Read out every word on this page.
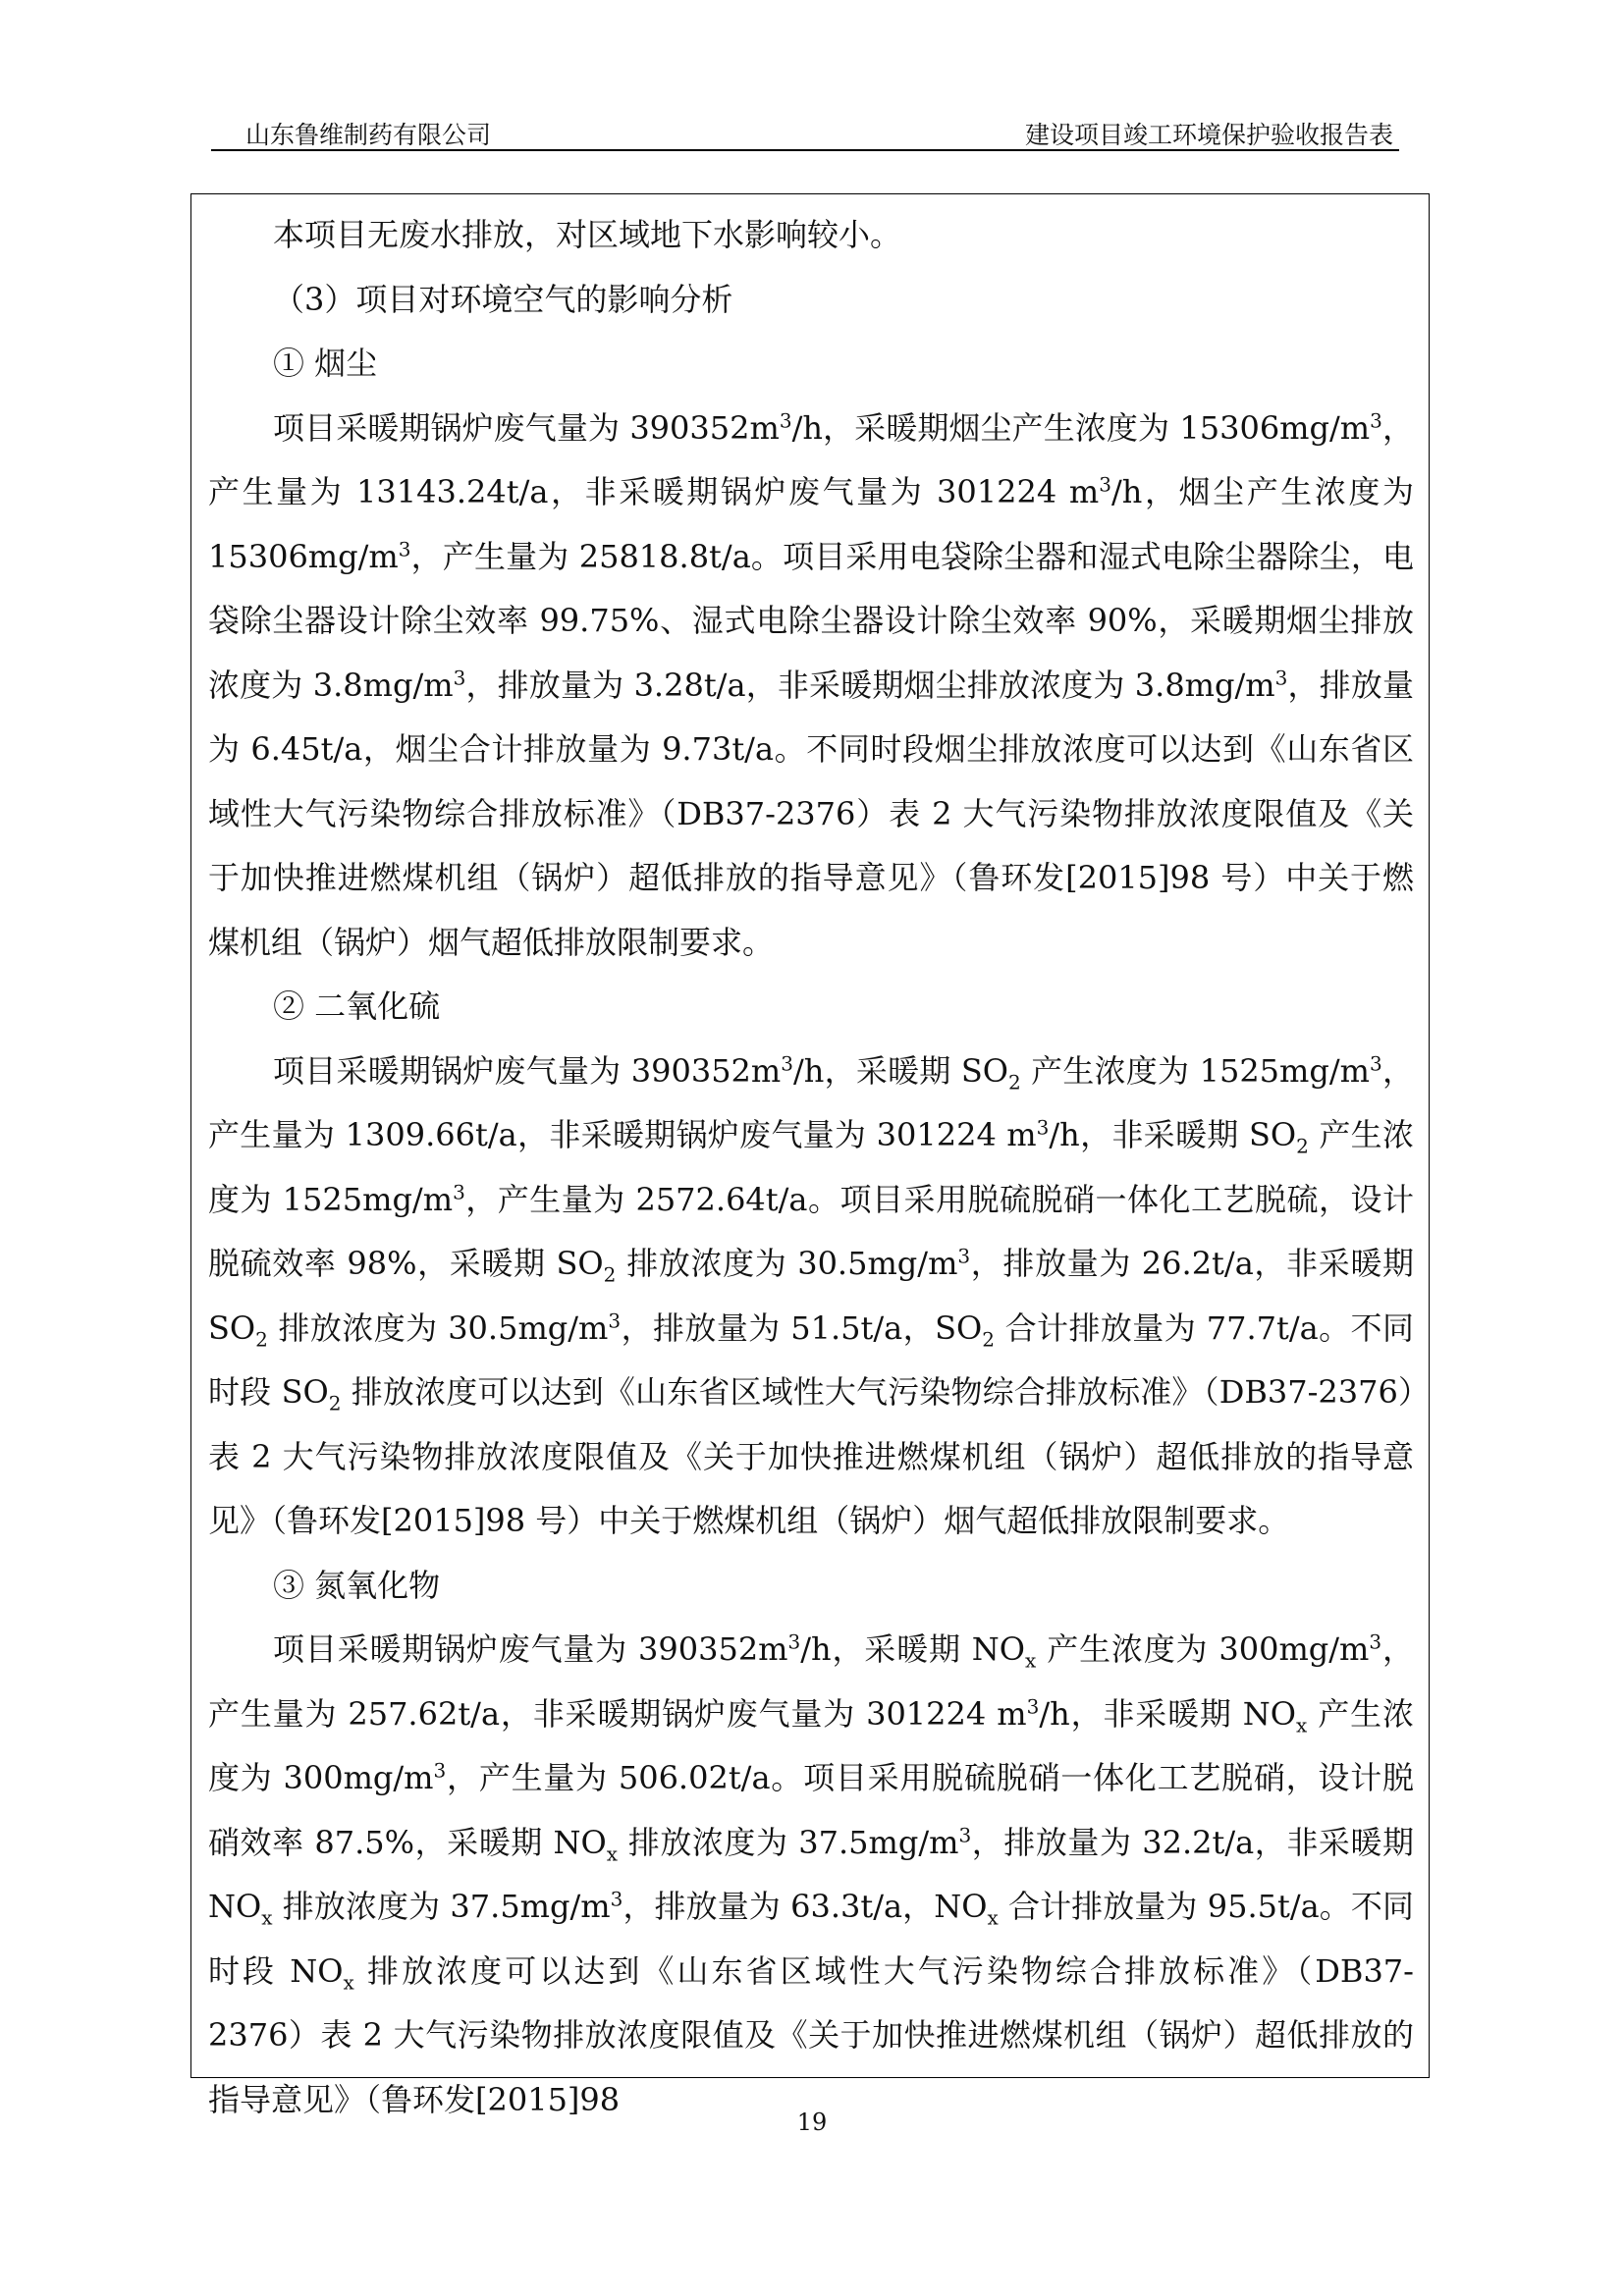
山东鲁维制药有限公司	建设项目竣工环境保护验收报告表

本项目无废水排放，对区域地下水影响较小。

（3）项目对环境空气的影响分析

① 烟尘

项目采暖期锅炉废气量为 $390352m^3/h$，采暖期烟尘产生浓度为 $15306mg/m^3$，产生量为 13143.24t/a，非采暖期锅炉废气量为 301224 $m^3/h$，烟尘产生浓度为 $15306mg/m^3$，产生量为 25818.8t/a。项目采用电袋除尘器和湿式电除尘器除尘，电袋除尘器设计除尘效率 99.75%、湿式电除尘器设计除尘效率 90%，采暖期烟尘排放浓度为 $3.8mg/m^3$，排放量为 3.28t/a，非采暖期烟尘排放浓度为 $3.8mg/m^3$，排放量为 6.45t/a，烟尘合计排放量为 9.73t/a。不同时段烟尘排放浓度可以达到《山东省区域性大气污染物综合排放标准》（DB37-2376）表 2 大气污染物排放浓度限值及《关于加快推进燃煤机组（锅炉）超低排放的指导意见》（鲁环发[2015]98 号）中关于燃煤机组（锅炉）烟气超低排放限制要求。

② 二氧化硫

项目采暖期锅炉废气量为 $390352m^3/h$，采暖期 $SO_2$ 产生浓度为 $1525mg/m^3$，产生量为 1309.66t/a，非采暖期锅炉废气量为 301224 $m^3/h$，非采暖期 $SO_2$ 产生浓度为 $1525mg/m^3$，产生量为 2572.64t/a。项目采用脱硫脱硝一体化工艺脱硫，设计脱硫效率 98%，采暖期 $SO_2$ 排放浓度为 $30.5mg/m^3$，排放量为 26.2t/a，非采暖期 $SO_2$ 排放浓度为 $30.5mg/m^3$，排放量为 51.5t/a，$SO_2$ 合计排放量为 77.7t/a。不同时段 $SO_2$ 排放浓度可以达到《山东省区域性大气污染物综合排放标准》（DB37-2376）表 2 大气污染物排放浓度限值及《关于加快推进燃煤机组（锅炉）超低排放的指导意见》（鲁环发[2015]98 号）中关于燃煤机组（锅炉）烟气超低排放限制要求。

③ 氮氧化物

项目采暖期锅炉废气量为 $390352m^3/h$，采暖期 $NO_x$ 产生浓度为 $300mg/m^3$，产生量为 257.62t/a，非采暖期锅炉废气量为 301224 $m^3/h$，非采暖期 $NO_x$ 产生浓度为 $300mg/m^3$，产生量为 506.02t/a。项目采用脱硫脱硝一体化工艺脱硝，设计脱硝效率 87.5%，采暖期 $NO_x$ 排放浓度为 $37.5mg/m^3$，排放量为 32.2t/a，非采暖期 $NO_x$ 排放浓度为 $37.5mg/m^3$，排放量为 63.3t/a，$NO_x$ 合计排放量为 95.5t/a。不同时段 $NO_x$ 排放浓度可以达到《山东省区域性大气污染物综合排放标准》（DB37-2376）表 2 大气污染物排放浓度限值及《关于加快推进燃煤机组（锅炉）超低排放的指导意见》（鲁环发[2015]98

19
